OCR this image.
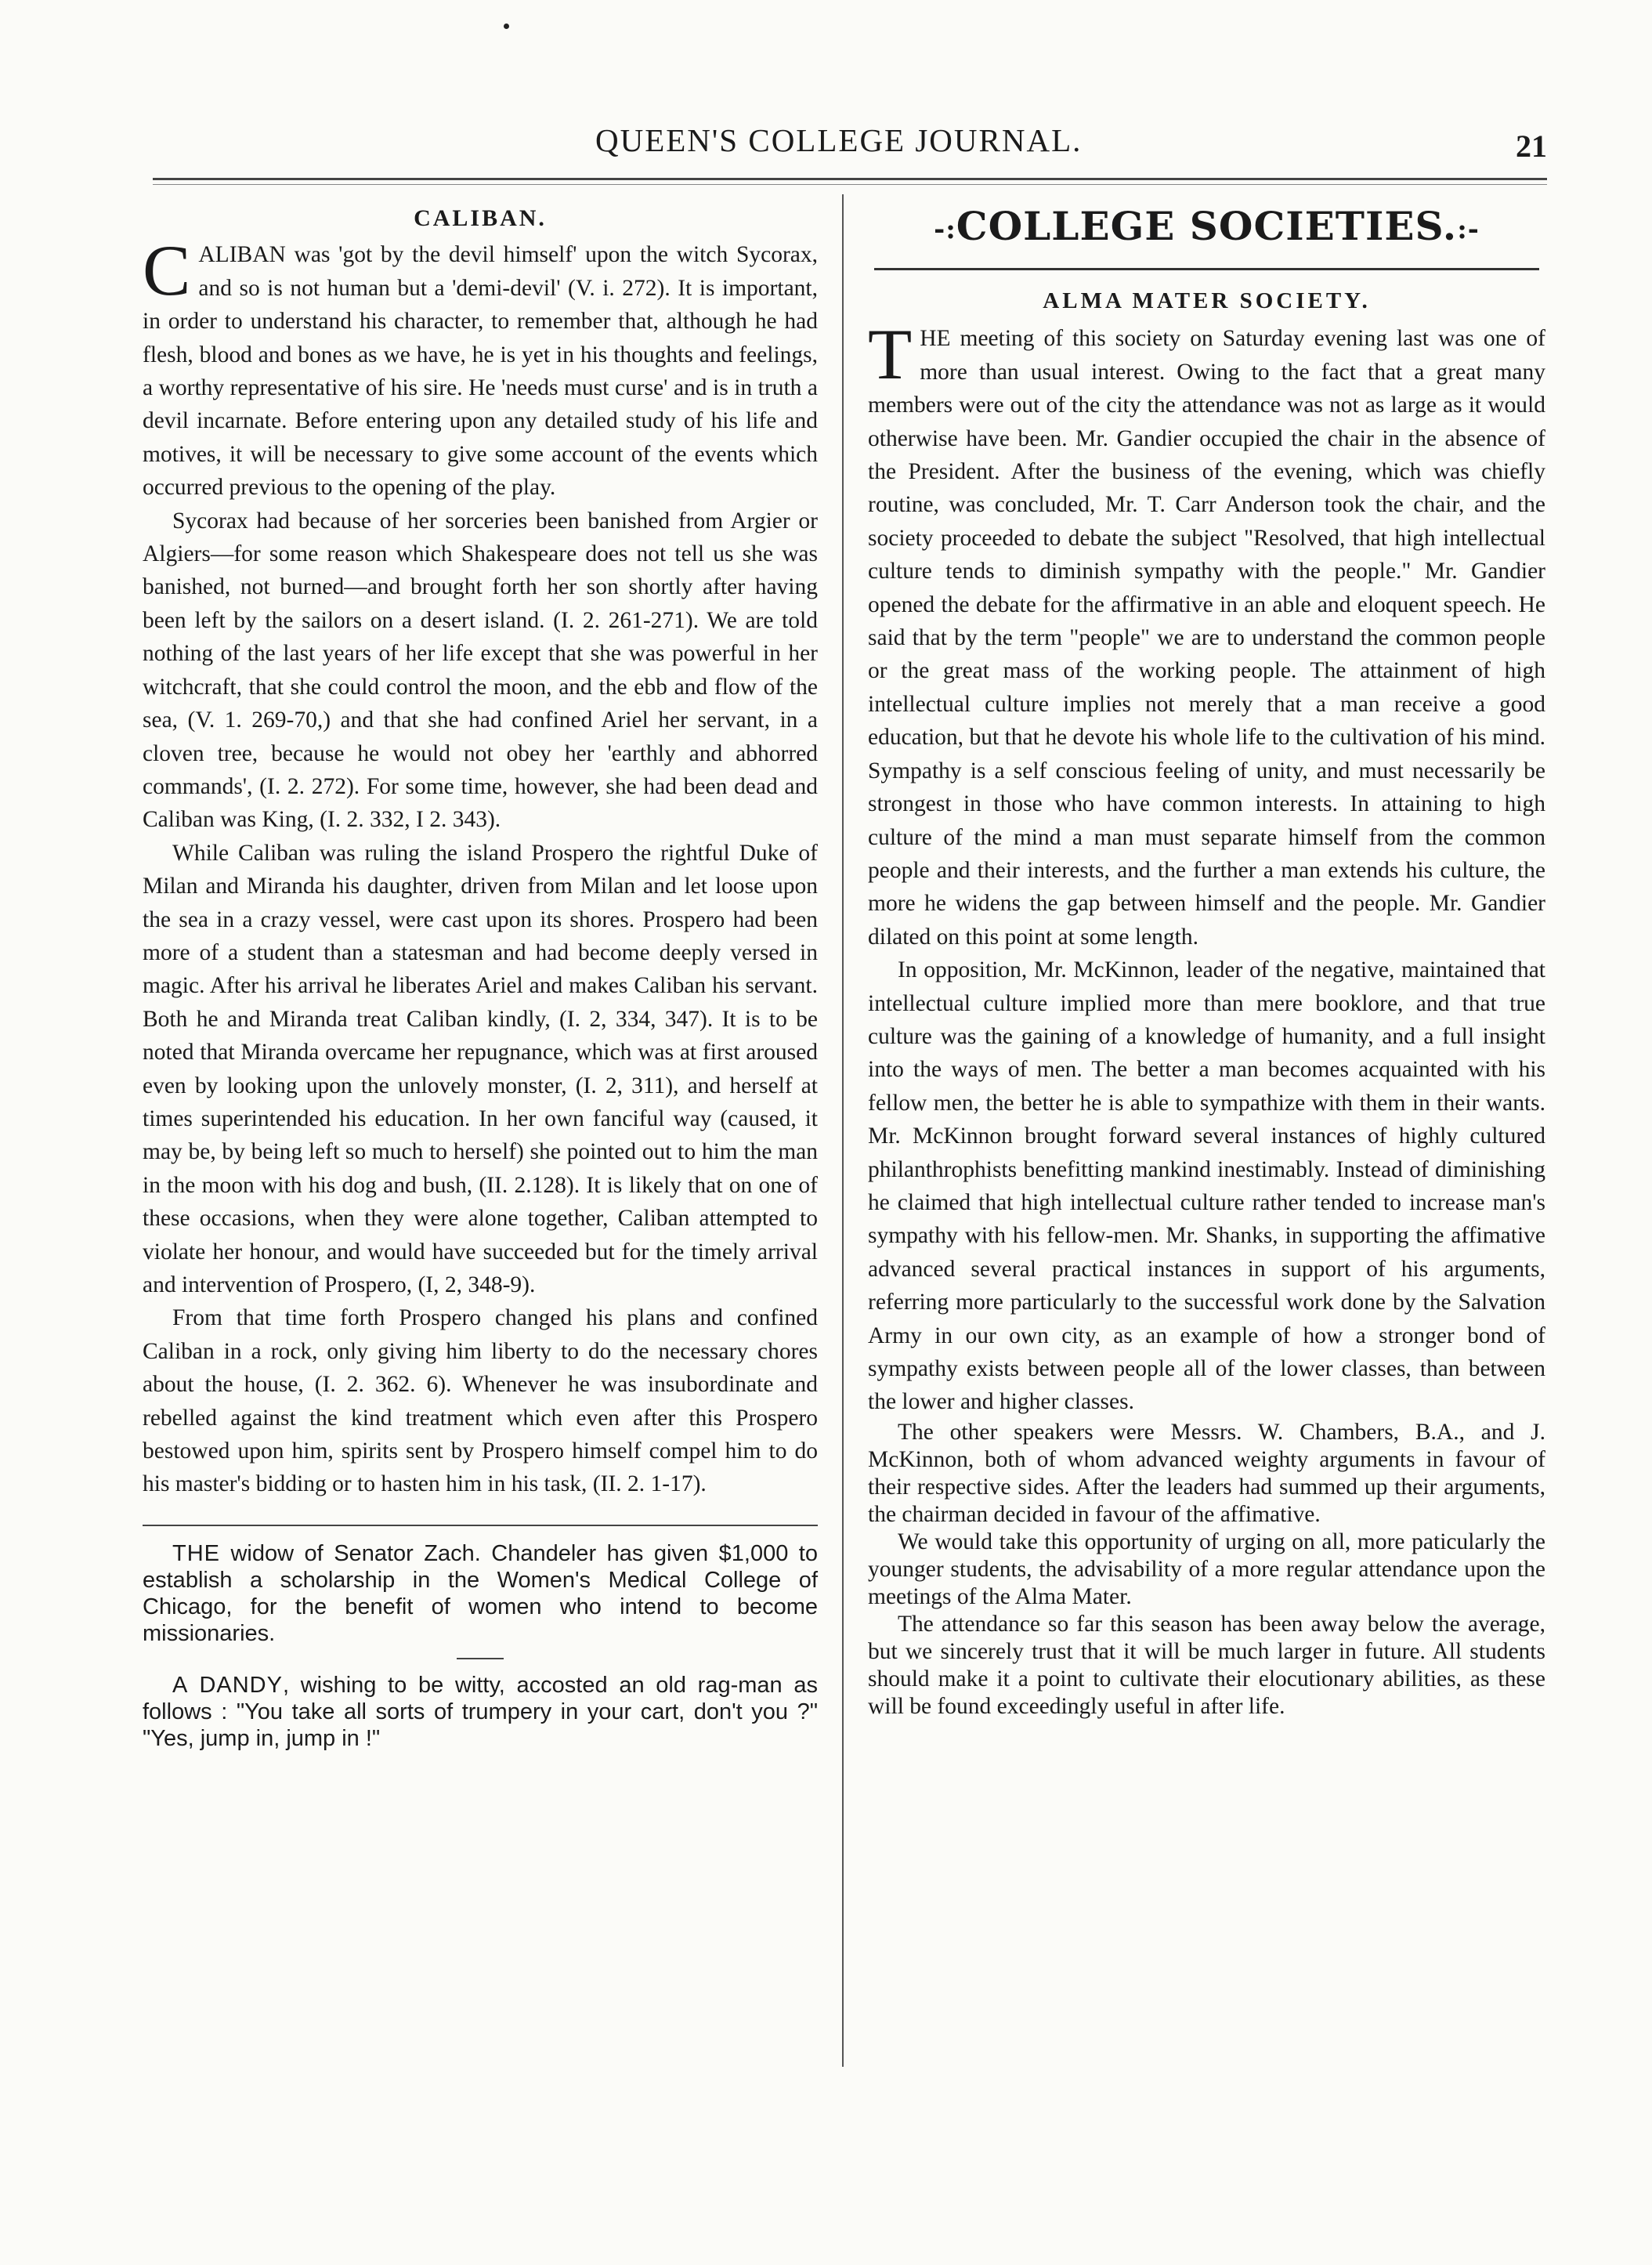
QUEEN'S COLLEGE JOURNAL.	21
CALIBAN.

CALIBAN was 'got by the devil himself' upon the witch Sycorax, and so is not human but a 'demi-devil' (V. i. 272). It is important, in order to understand his character, to remember that, although he had flesh, blood and bones as we have, he is yet in his thoughts and feelings, a worthy representative of his sire. He 'needs must curse' and is in truth a devil incarnate. Before entering upon any detailed study of his life and motives, it will be necessary to give some account of the events which occurred previous to the opening of the play.

Sycorax had because of her sorceries been banished from Argier or Algiers—for some reason which Shakespeare does not tell us she was banished, not burned—and brought forth her son shortly after having been left by the sailors on a desert island. (I. 2. 261-271). We are told nothing of the last years of her life except that she was powerful in her witchcraft, that she could control the moon, and the ebb and flow of the sea, (V. 1. 269-70,) and that she had confined Ariel her servant, in a cloven tree, because he would not obey her 'earthly and abhorred commands', (I. 2. 272). For some time, however, she had been dead and Caliban was King, (I. 2. 332, I 2. 343).

While Caliban was ruling the island Prospero the rightful Duke of Milan and Miranda his daughter, driven from Milan and let loose upon the sea in a crazy vessel, were cast upon its shores. Prospero had been more of a student than a statesman and had become deeply versed in magic. After his arrival he liberates Ariel and makes Caliban his servant. Both he and Miranda treat Caliban kindly, (I. 2, 334, 347). It is to be noted that Miranda overcame her repugnance, which was at first aroused even by looking upon the unlovely monster, (I. 2, 311), and herself at times superintended his education. In her own fanciful way (caused, it may be, by being left so much to herself) she pointed out to him the man in the moon with his dog and bush, (II. 2.128). It is likely that on one of these occasions, when they were alone together, Caliban attempted to violate her honour, and would have succeeded but for the timely arrival and intervention of Prospero, (I, 2, 348-9).

From that time forth Prospero changed his plans and confined Caliban in a rock, only giving him liberty to do the necessary chores about the house, (I. 2. 362. 6). Whenever he was insubordinate and rebelled against the kind treatment which even after this Prospero bestowed upon him, spirits sent by Prospero himself compel him to do his master's bidding or to hasten him in his task, (II. 2. 1-17).

THE widow of Senator Zach. Chandeler has given $1,000 to establish a scholarship in the Women's Medical College of Chicago, for the benefit of women who intend to become missionaries.

A DANDY, wishing to be witty, accosted an old rag-man as follows : "You take all sorts of trumpery in your cart, don't you ?" "Yes, jump in, jump in !"

-:COLLEGE SOCIETIES.:-
ALMA MATER SOCIETY.

THE meeting of this society on Saturday evening last was one of more than usual interest. Owing to the fact that a great many members were out of the city the attendance was not as large as it would otherwise have been. Mr. Gandier occupied the chair in the absence of the President. After the business of the evening, which was chiefly routine, was concluded, Mr. T. Carr Anderson took the chair, and the society proceeded to debate the subject "Resolved, that high intellectual culture tends to diminish sympathy with the people." Mr. Gandier opened the debate for the affirmative in an able and eloquent speech. He said that by the term "people" we are to understand the common people or the great mass of the working people. The attainment of high intellectual culture implies not merely that a man receive a good education, but that he devote his whole life to the cultivation of his mind. Sympathy is a self conscious feeling of unity, and must necessarily be strongest in those who have common interests. In attaining to high culture of the mind a man must separate himself from the common people and their interests, and the further a man extends his culture, the more he widens the gap between himself and the people. Mr. Gandier dilated on this point at some length.

In opposition, Mr. McKinnon, leader of the negative, maintained that intellectual culture implied more than mere booklore, and that true culture was the gaining of a knowledge of humanity, and a full insight into the ways of men. The better a man becomes acquainted with his fellow men, the better he is able to sympathize with them in their wants. Mr. McKinnon brought forward several instances of highly cultured philanthrophists benefitting mankind inestimably. Instead of diminishing he claimed that high intellectual culture rather tended to increase man's sympathy with his fellow-men. Mr. Shanks, in supporting the affimative advanced several practical instances in support of his arguments, referring more particularly to the successful work done by the Salvation Army in our own city, as an example of how a stronger bond of sympathy exists between people all of the lower classes, than between the lower and higher classes.

The other speakers were Messrs. W. Chambers, B.A., and J. McKinnon, both of whom advanced weighty arguments in favour of their respective sides. After the leaders had summed up their arguments, the chairman decided in favour of the affimative.

We would take this opportunity of urging on all, more paticularly the younger students, the advisability of a more regular attendance upon the meetings of the Alma Mater.

The attendance so far this season has been away below the average, but we sincerely trust that it will be much larger in future. All students should make it a point to cultivate their elocutionary abilities, as these will be found exceedingly useful in after life.
